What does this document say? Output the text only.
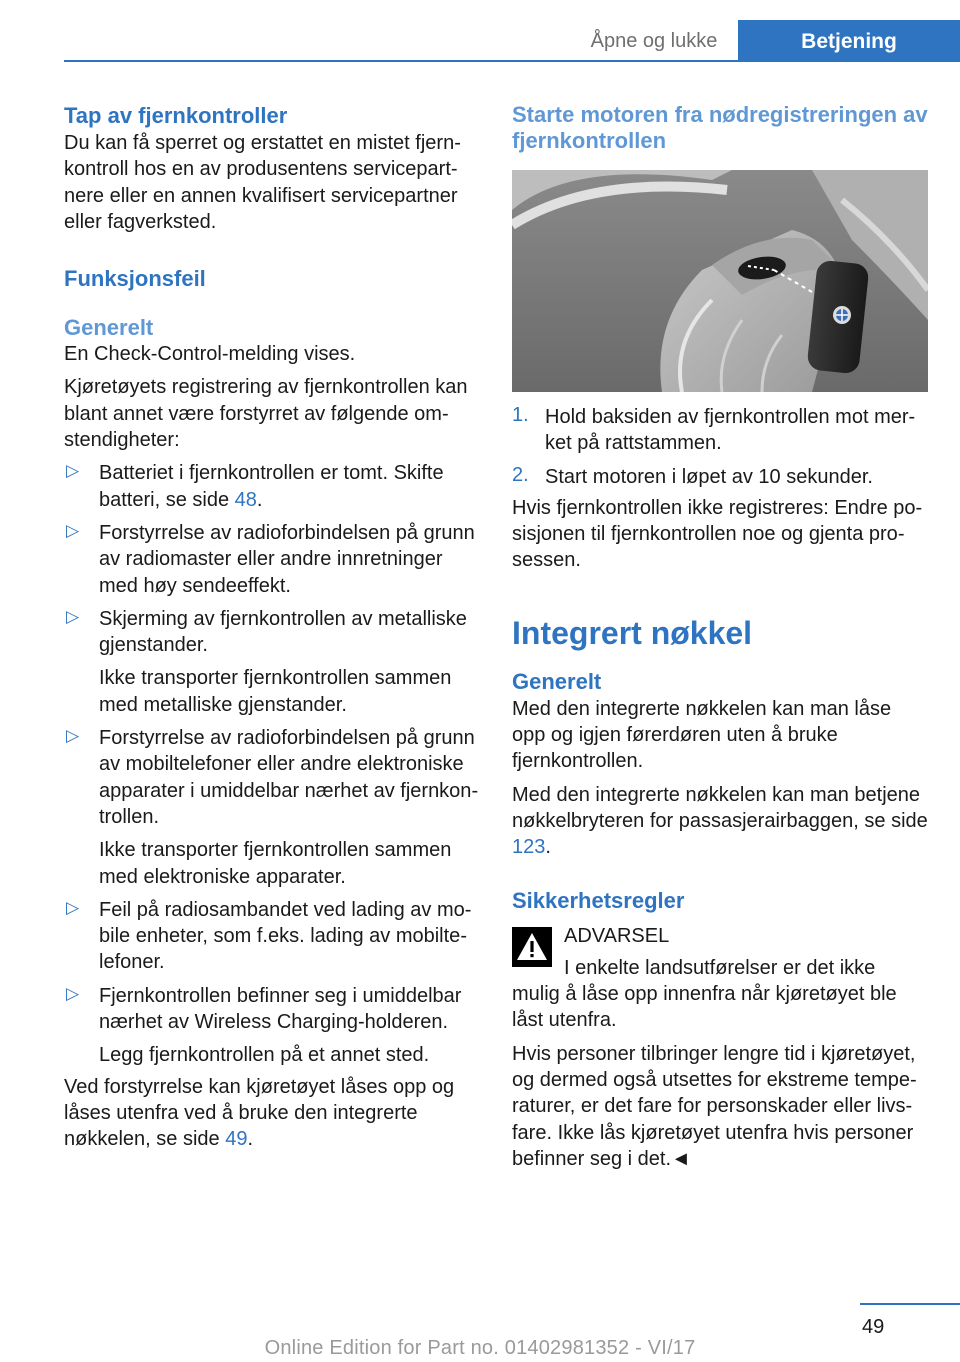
Åpne og lukke	Betjening
Tap av fjernkontroller

Du kan få sperret og erstattet en mistet fjernkontroll hos en av produsentens servicepartnere eller en annen kvalifisert servicepartner eller fagverksted.

Funksjonsfeil
Generelt

En Check-Control-melding vises.

Kjøretøyets registrering av fjernkontrollen kan blant annet være forstyrret av følgende omstendigheter:

▷ Batteriet i fjernkontrollen er tomt. Skifte batteri, se side 48.
▷ Forstyrrelse av radioforbindelsen på grunn av radiomaster eller andre innretninger med høy sendeeffekt.
▷ Skjerming av fjernkontrollen av metalliske gjenstander.
Ikke transporter fjernkontrollen sammen med metalliske gjenstander.
▷ Forstyrrelse av radioforbindelsen på grunn av mobiltelefoner eller andre elektroniske apparater i umiddelbar nærhet av fjernkontrollen.
Ikke transporter fjernkontrollen sammen med elektroniske apparater.
▷ Feil på radiosambandet ved lading av mobile enheter, som f.eks. lading av mobiltelefoner.
▷ Fjernkontrollen befinner seg i umiddelbar nærhet av Wireless Charging-holderen.
Legg fjernkontrollen på et annet sted.

Ved forstyrrelse kan kjøretøyet låses opp og låses utenfra ved å bruke den integrerte nøkkelen, se side 49.

Starte motoren fra nødregistreringen av fjernkontrollen
1. Hold baksiden av fjernkontrollen mot merket på rattstammen.
2. Start motoren i løpet av 10 sekunder.

Hvis fjernkontrollen ikke registreres: Endre posisjonen til fjernkontrollen noe og gjenta prosessen.

Integrert nøkkel
Generelt

Med den integrerte nøkkelen kan man låse opp og igjen førerdøren uten å bruke fjernkontrollen.

Med den integrerte nøkkelen kan man betjene nøkkelbryteren for passasjerairbaggen, se side 123.

Sikkerhetsregler
ADVARSEL
I enkelte landsutførelser er det ikke mulig å låse opp innenfra når kjøretøyet ble låst utenfra.

Hvis personer tilbringer lengre tid i kjøretøyet, og dermed også utsettes for ekstreme temperaturer, er det fare for personskader eller livsfare. Ikke lås kjøretøyet utenfra hvis personer befinner seg i det.◄

49
Online Edition for Part no. 01402981352 - VI/17
